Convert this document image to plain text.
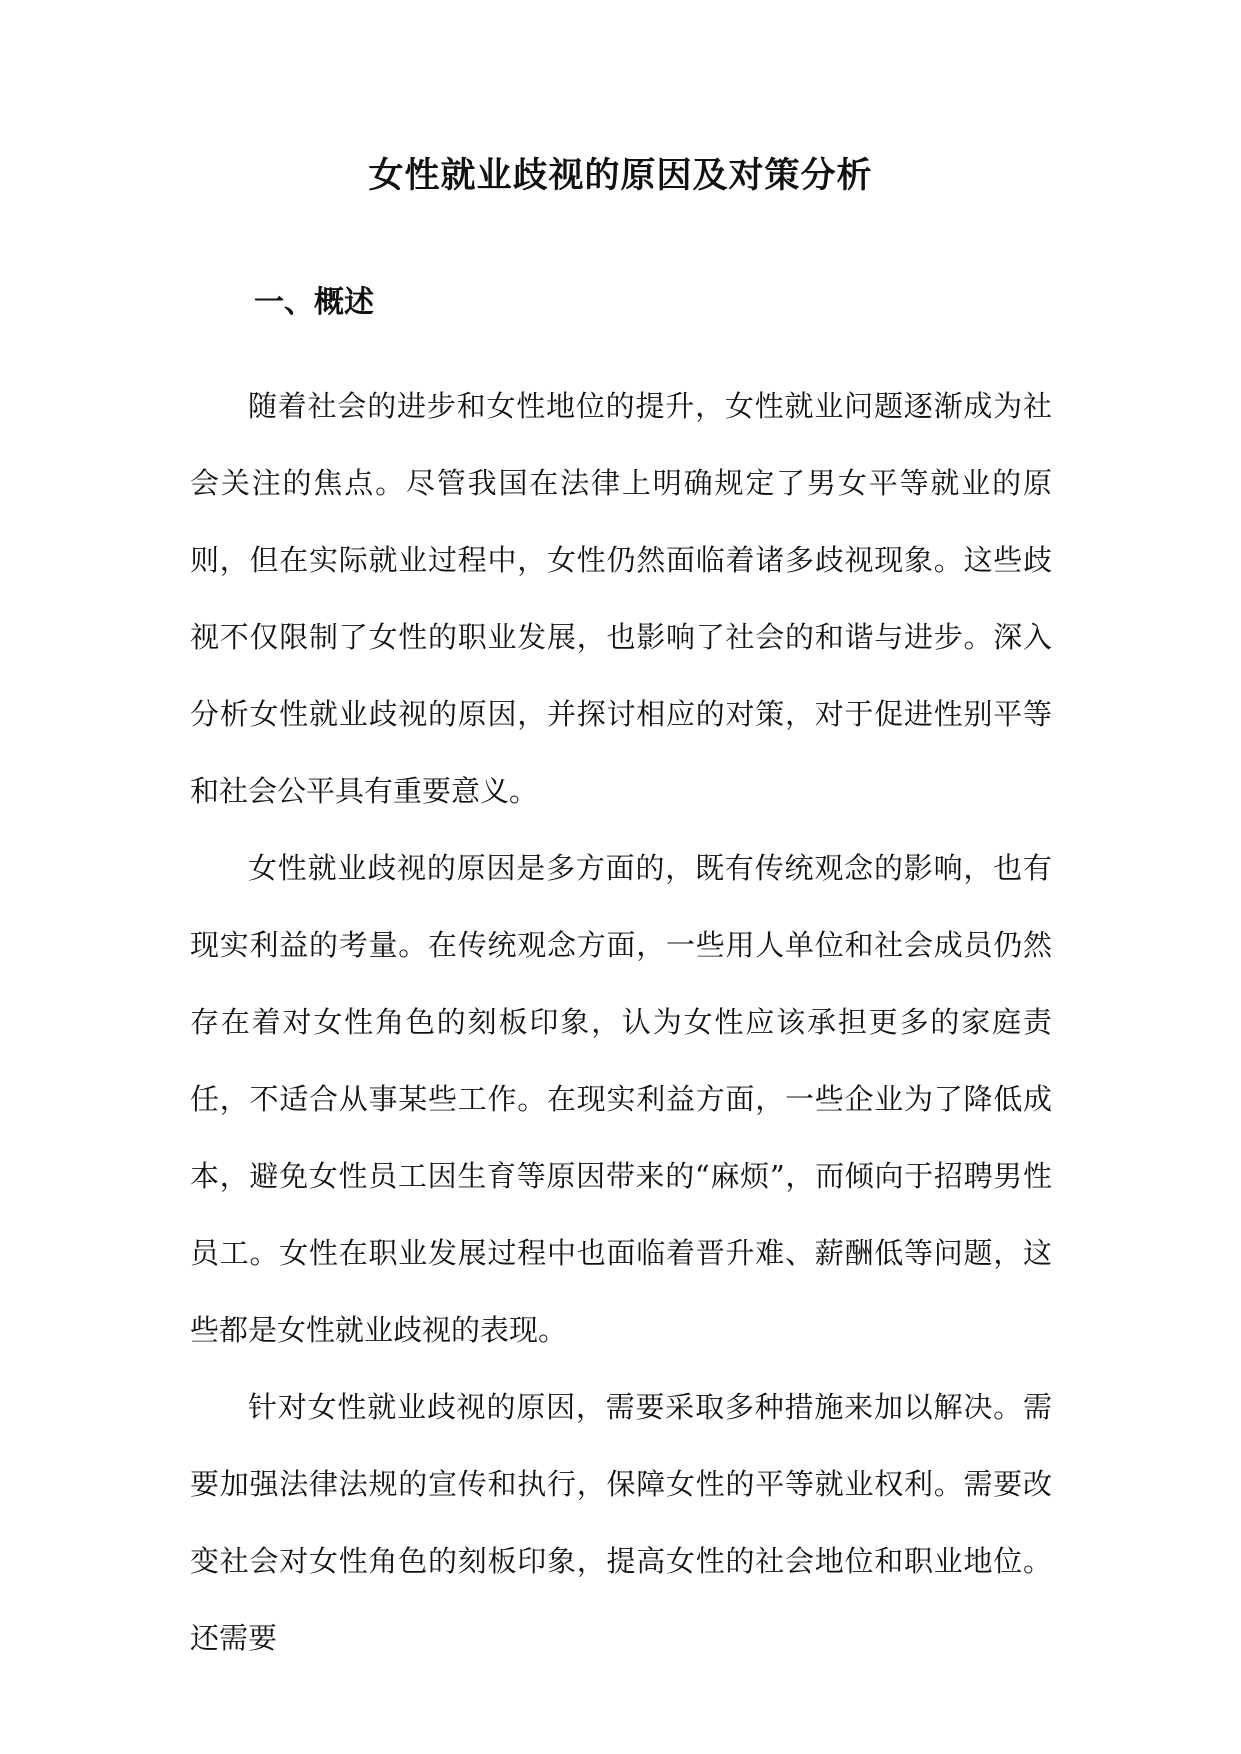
女性就业歧视的原因及对策分析
一、概述

随着社会的进步和女性地位的提升，女性就业问题逐渐成为社会关注的焦点。尽管我国在法律上明确规定了男女平等就业的原则，但在实际就业过程中，女性仍然面临着诸多歧视现象。这些歧视不仅限制了女性的职业发展，也影响了社会的和谐与进步。深入分析女性就业歧视的原因，并探讨相应的对策，对于促进性别平等和社会公平具有重要意义。

女性就业歧视的原因是多方面的，既有传统观念的影响，也有现实利益的考量。在传统观念方面，一些用人单位和社会成员仍然存在着对女性角色的刻板印象，认为女性应该承担更多的家庭责任，不适合从事某些工作。在现实利益方面，一些企业为了降低成本，避免女性员工因生育等原因带来的“麻烦”，而倾向于招聘男性员工。女性在职业发展过程中也面临着晋升难、薪酬低等问题，这些都是女性就业歧视的表现。

针对女性就业歧视的原因，需要采取多种措施来加以解决。需要加强法律法规的宣传和执行，保障女性的平等就业权利。需要改变社会对女性角色的刻板印象，提高女性的社会地位和职业地位。还需要
